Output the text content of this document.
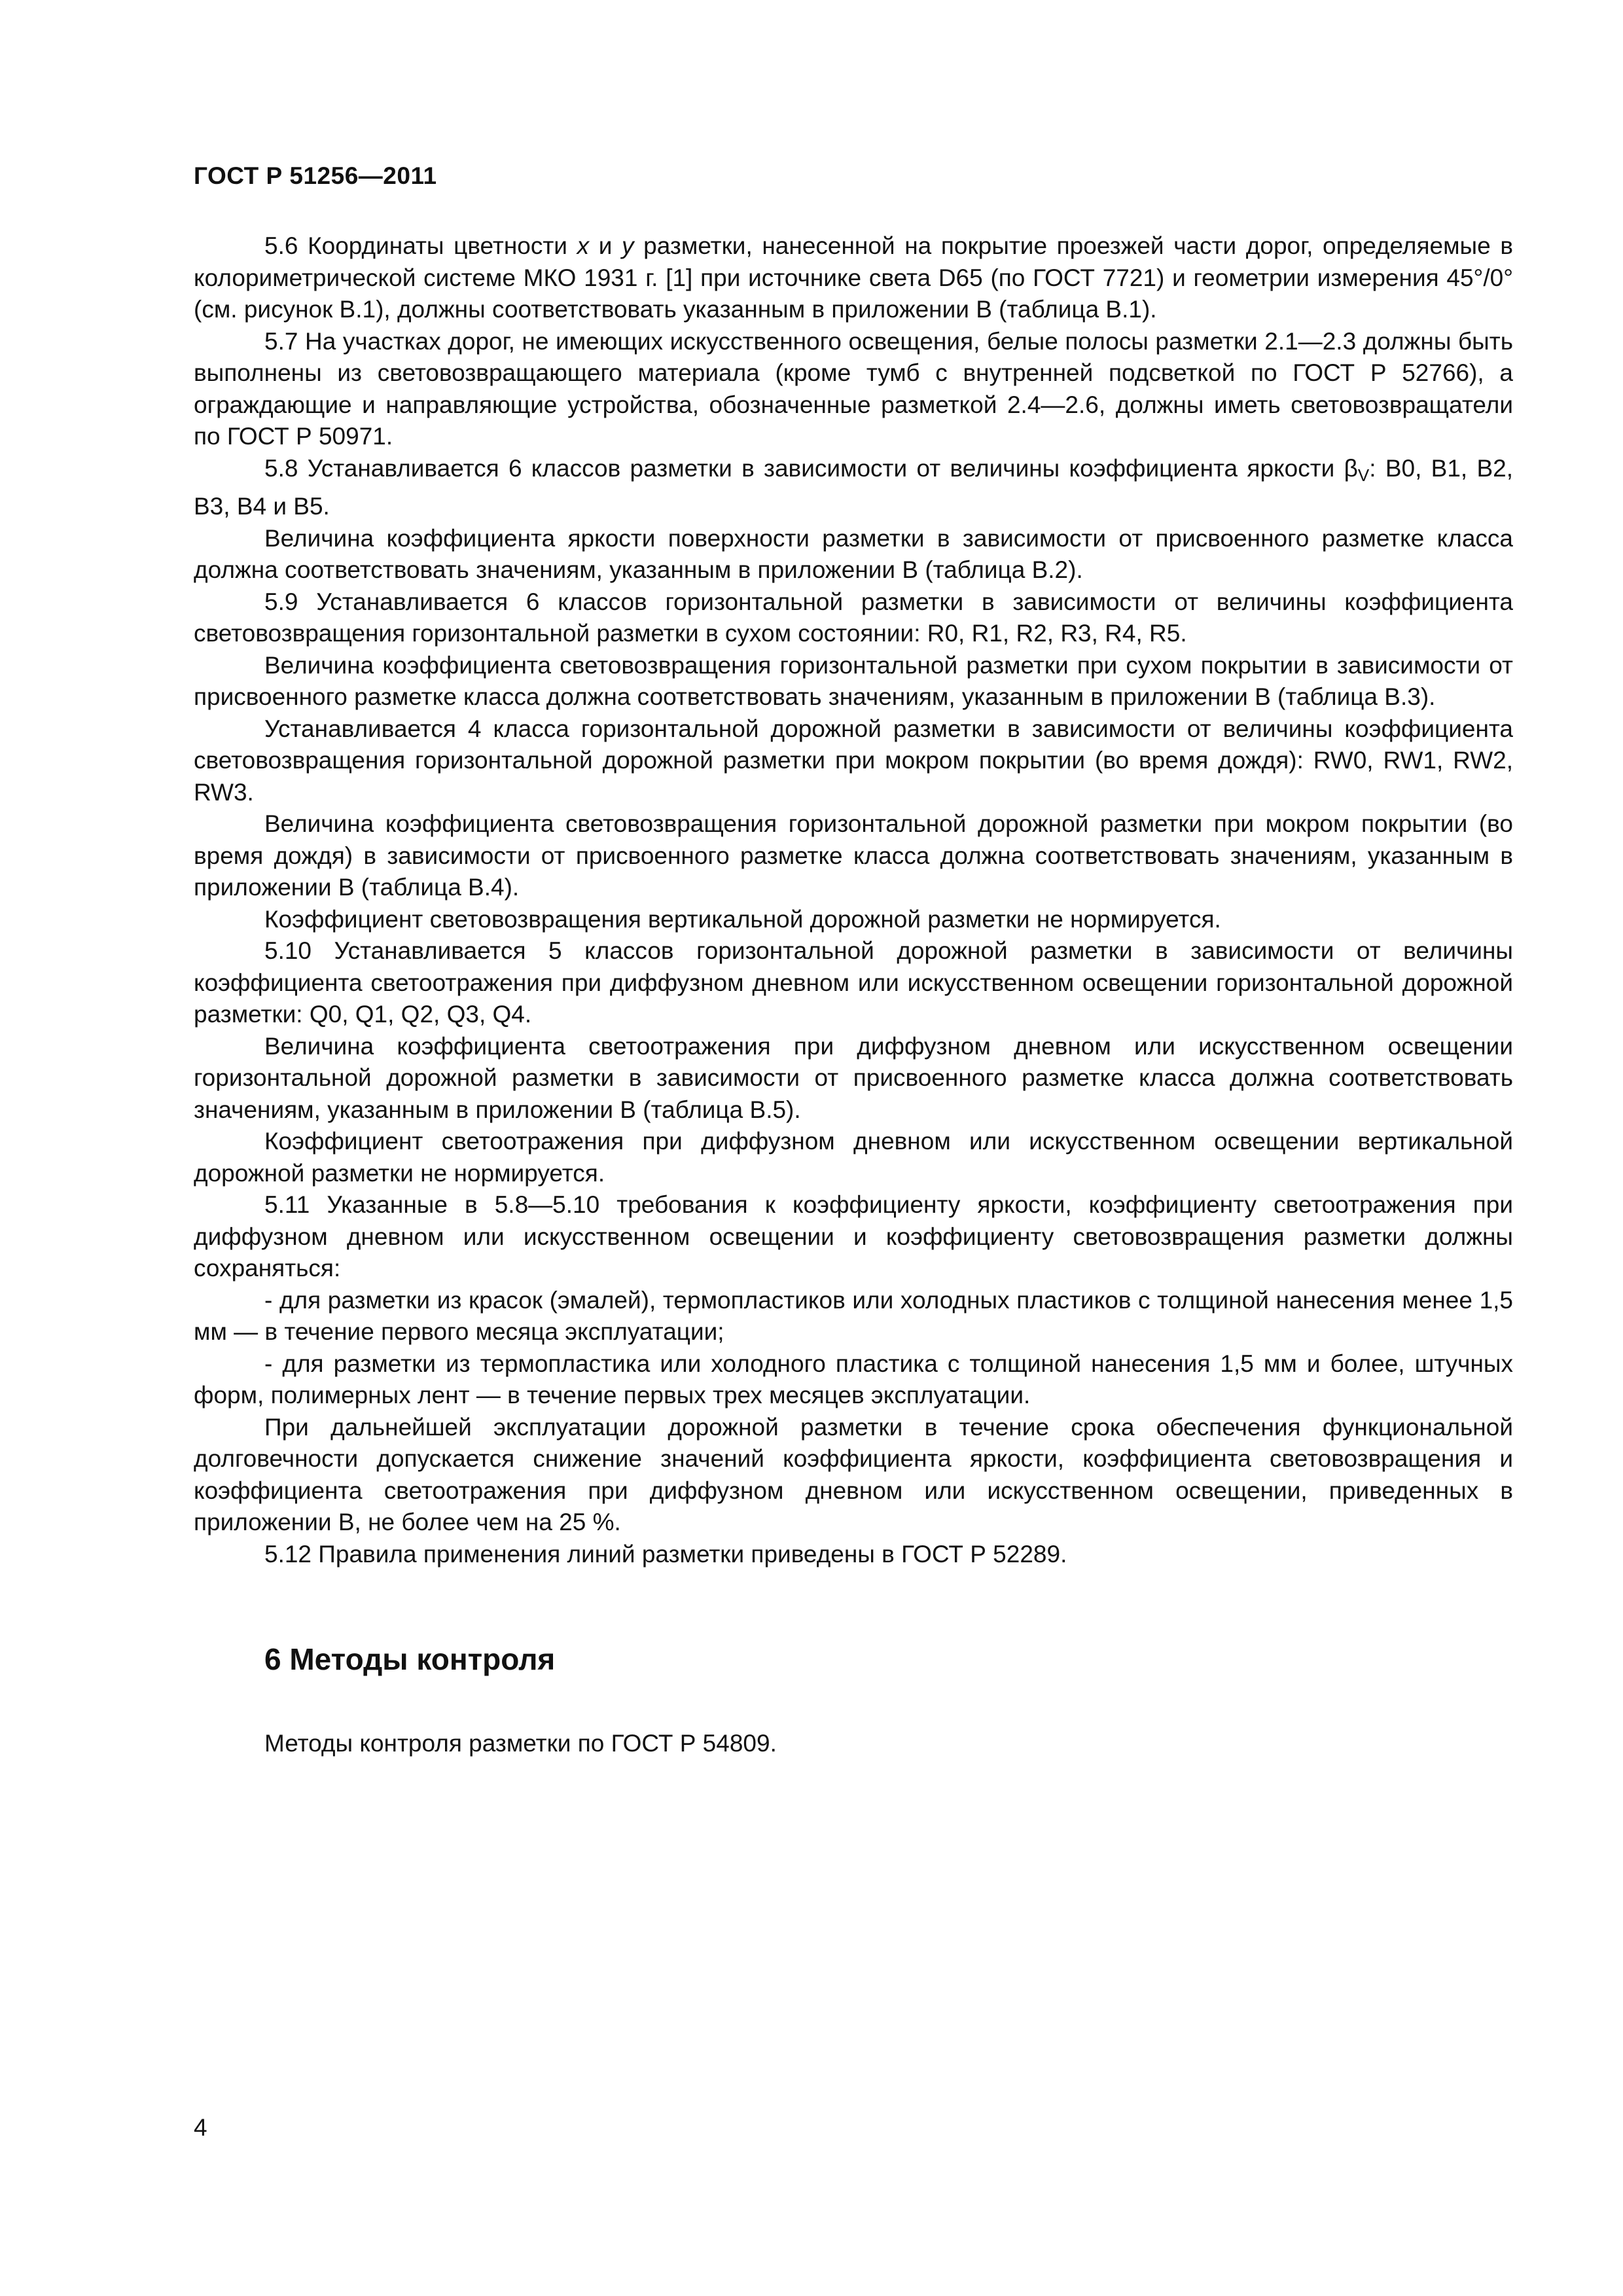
ГОСТ Р 51256—2011

5.6 Координаты цветности x и y разметки, нанесенной на покрытие проезжей части дорог, определяемые в колориметрической системе МКО 1931 г. [1] при источнике света D65 (по ГОСТ 7721) и геометрии измерения 45°/0° (см. рисунок В.1), должны соответствовать указанным в приложении В (таблица В.1).

5.7 На участках дорог, не имеющих искусственного освещения, белые полосы разметки 2.1—2.3 должны быть выполнены из световозвращающего материала (кроме тумб с внутренней подсветкой по ГОСТ Р 52766), а ограждающие и направляющие устройства, обозначенные разметкой 2.4—2.6, должны иметь световозвращатели по ГОСТ Р 50971.

5.8 Устанавливается 6 классов разметки в зависимости от величины коэффициента яркости βV: B0, B1, B2, B3, B4 и B5.

Величина коэффициента яркости поверхности разметки в зависимости от присвоенного разметке класса должна соответствовать значениям, указанным в приложении В (таблица В.2).

5.9 Устанавливается 6 классов горизонтальной разметки в зависимости от величины коэффициента световозвращения горизонтальной разметки в сухом состоянии: R0, R1, R2, R3, R4, R5.

Величина коэффициента световозвращения горизонтальной разметки при сухом покрытии в зависимости от присвоенного разметке класса должна соответствовать значениям, указанным в приложении В (таблица В.3).

Устанавливается 4 класса горизонтальной дорожной разметки в зависимости от величины коэффициента световозвращения горизонтальной дорожной разметки при мокром покрытии (во время дождя): RW0, RW1, RW2, RW3.

Величина коэффициента световозвращения горизонтальной дорожной разметки при мокром покрытии (во время дождя) в зависимости от присвоенного разметке класса должна соответствовать значениям, указанным в приложении В (таблица В.4).

Коэффициент световозвращения вертикальной дорожной разметки не нормируется.

5.10 Устанавливается 5 классов горизонтальной дорожной разметки в зависимости от величины коэффициента светоотражения при диффузном дневном или искусственном освещении горизонтальной дорожной разметки: Q0, Q1, Q2, Q3, Q4.

Величина коэффициента светоотражения при диффузном дневном или искусственном освещении горизонтальной дорожной разметки в зависимости от присвоенного разметке класса должна соответствовать значениям, указанным в приложении В (таблица В.5).

Коэффициент светоотражения при диффузном дневном или искусственном освещении вертикальной дорожной разметки не нормируется.

5.11 Указанные в 5.8—5.10 требования к коэффициенту яркости, коэффициенту светоотражения при диффузном дневном или искусственном освещении и коэффициенту световозвращения разметки должны сохраняться:

- для разметки из красок (эмалей), термопластиков или холодных пластиков с толщиной нанесения менее 1,5 мм — в течение первого месяца эксплуатации;

- для разметки из термопластика или холодного пластика с толщиной нанесения 1,5 мм и более, штучных форм, полимерных лент — в течение первых трех месяцев эксплуатации.

При дальнейшей эксплуатации дорожной разметки в течение срока обеспечения функциональной долговечности допускается снижение значений коэффициента яркости, коэффициента световозвращения и коэффициента светоотражения при диффузном дневном или искусственном освещении, приведенных в приложении В, не более чем на 25 %.

5.12 Правила применения линий разметки приведены в ГОСТ Р 52289.

6 Методы контроля
Методы контроля разметки по ГОСТ Р 54809.
4
